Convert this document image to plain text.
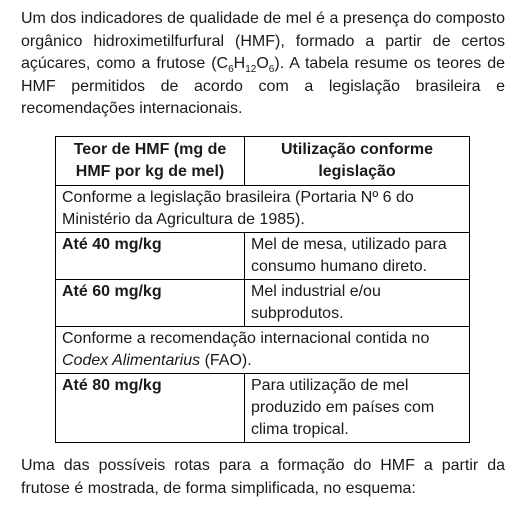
Um dos indicadores de qualidade de mel é a presença do composto orgânico hidroximetilfurfural (HMF), formado a partir de certos açúcares, como a frutose $(C_6H_{12}O_6)$. A tabela resume os teores de HMF permitidos de acordo com a legislação brasileira e recomendações internacionais.

Teor de HMF (mg de HMF por kg de mel)	Utilização conforme legislação
Conforme a legislação brasileira (Portaria Nº 6 do Ministério da Agricultura de 1985).	
Até 40 mg/kg	Mel de mesa, utilizado para consumo humano direto.
Até 60 mg/kg	Mel industrial e/ou subprodutos.
Conforme a recomendação internacional contida no Codex Alimentarius (FAO).	
Até 80 mg/kg	Para utilização de mel produzido em países com clima tropical.

Uma das possíveis rotas para a formação do HMF a partir da frutose é mostrada, de forma simplificada, no esquema:
